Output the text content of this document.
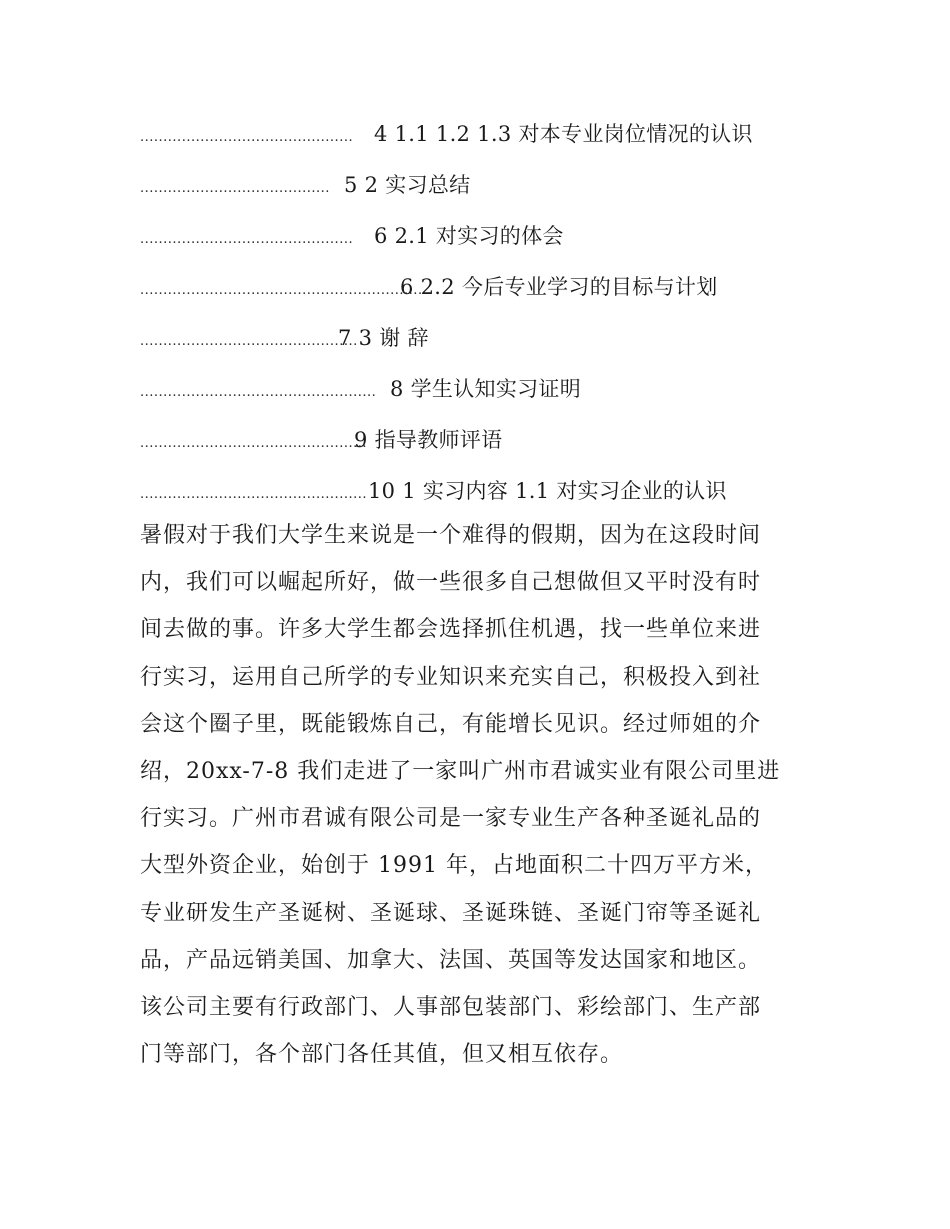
.............................................. 4 1.1 1.2 1.3 对本专业岗位情况的认识
......................................... 5 2 实习总结
.............................................. 6 2.1 对实习的体会
...............................................................
6 2.2 今后专业学习的目标与计划
...............................................
7 3 谢 辞
................................................... 8 学生认知实习证明
.................................................
9 指导教师评语
................................................. 10 1 实习内容 1.1 对实习企业的认识
暑假对于我们大学生来说是一个难得的假期，因为在这段时间
内，我们可以崛起所好，做一些很多自己想做但又平时没有时
间去做的事。许多大学生都会选择抓住机遇，找一些单位来进
行实习，运用自己所学的专业知识来充实自己，积极投入到社
会这个圈子里，既能锻炼自己，有能增长见识。经过师姐的介
绍，20xx-7-8 我们走进了一家叫广州市君诚实业有限公司里进
行实习。广州市君诚有限公司是一家专业生产各种圣诞礼品的
大型外资企业，始创于 1991 年，占地面积二十四万平方米，
专业研发生产圣诞树、圣诞球、圣诞珠链、圣诞门帘等圣诞礼
品，产品远销美国、加拿大、法国、英国等发达国家和地区。
该公司主要有行政部门、人事部包装部门、彩绘部门、生产部
门等部门，各个部门各任其值，但又相互依存。
